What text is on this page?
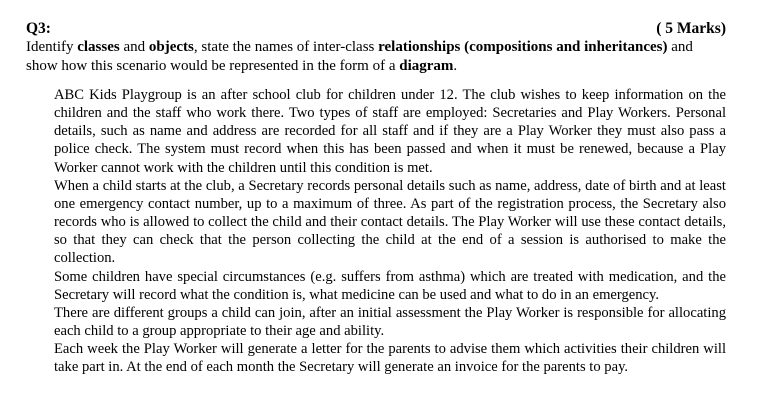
Q3:	( 5 Marks)
Identify classes and objects, state the names of inter-class relationships (compositions and inheritances) and show how this scenario would be represented in the form of a diagram.

ABC Kids Playgroup is an after school club for children under 12. The club wishes to keep information on the children and the staff who work there. Two types of staff are employed: Secretaries and Play Workers. Personal details, such as name and address are recorded for all staff and if they are a Play Worker they must also pass a police check. The system must record when this has been passed and when it must be renewed, because a Play Worker cannot work with the children until this condition is met.

When a child starts at the club, a Secretary records personal details such as name, address, date of birth and at least one emergency contact number, up to a maximum of three. As part of the registration process, the Secretary also records who is allowed to collect the child and their contact details. The Play Worker will use these contact details, so that they can check that the person collecting the child at the end of a session is authorised to make the collection.

Some children have special circumstances (e.g. suffers from asthma) which are treated with medication, and the Secretary will record what the condition is, what medicine can be used and what to do in an emergency.

There are different groups a child can join, after an initial assessment the Play Worker is responsible for allocating each child to a group appropriate to their age and ability.

Each week the Play Worker will generate a letter for the parents to advise them which activities their children will take part in. At the end of each month the Secretary will generate an invoice for the parents to pay.
